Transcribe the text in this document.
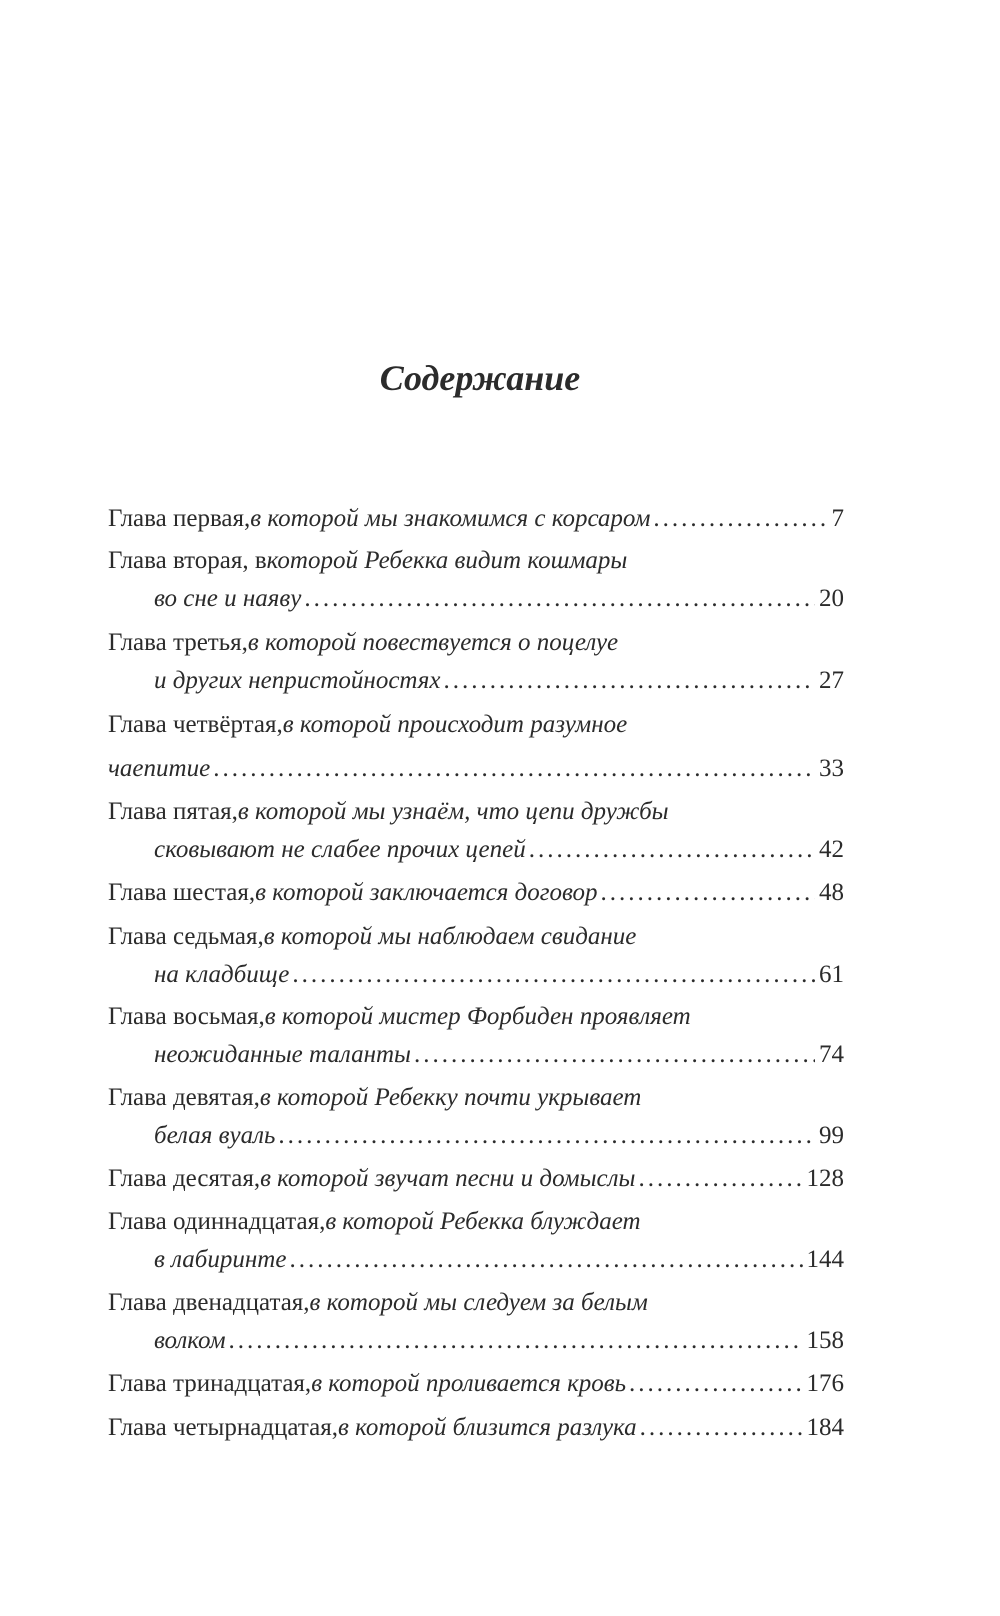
Содержание
Глава первая, в которой мы знакомимся с корсаром .....	7
Глава вторая, в которой Ребекка видит кошмары
во сне и наяву .....	20
Глава третья, в которой повествуется о поцелуе
и других непристойностях .....	27
Глава четвёртая, в которой происходит разумное
чаепитие .....	33
Глава пятая, в которой мы узнаём, что цепи дружбы
сковывают не слабее прочих цепей .....	42
Глава шестая, в которой заключается договор .....	48
Глава седьмая, в которой мы наблюдаем свидание
на кладбище .....	61
Глава восьмая, в которой мистер Форбиден проявляет
неожиданные таланты .....	74
Глава девятая, в которой Ребекку почти укрывает
белая вуаль .....	99
Глава десятая, в которой звучат песни и домыслы .....	128
Глава одиннадцатая, в которой Ребекка блуждает
в лабиринте .....	144
Глава двенадцатая, в которой мы следуем за белым
волком .....	158
Глава тринадцатая, в которой проливается кровь .....	176
Глава четырнадцатая, в которой близится разлука .....	184
